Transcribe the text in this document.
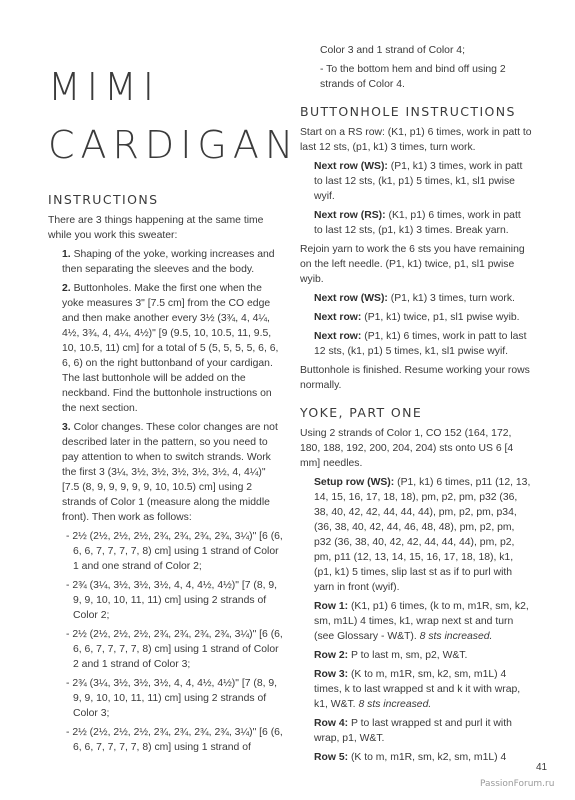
MIMI
CARDIGAN
INSTRUCTIONS

There are 3 things happening at the same time while you work this sweater:

1. Shaping of the yoke, working increases and then separating the sleeves and the body.

2. Buttonholes. Make the first one when the yoke measures 3" [7.5 cm] from the CO edge and then make another every 3½ (3¾, 4, 4¼, 4½, 3¾, 4, 4¼, 4½)" [9 (9.5, 10, 10.5, 11, 9.5, 10, 10.5, 11) cm] for a total of 5 (5, 5, 5, 5, 6, 6, 6, 6) on the right buttonband of your cardigan. The last buttonhole will be added on the neckband. Find the buttonhole instructions on the next section.

3. Color changes. These color changes are not described later in the pattern, so you need to pay attention to when to switch strands. Work the first 3 (3¼, 3½, 3½, 3½, 3½, 3½, 4, 4¼)" [7.5 (8, 9, 9, 9, 9, 9, 10, 10.5) cm] using 2 strands of Color 1 (measure along the middle front). Then work as follows:

- 2½ (2½, 2½, 2½, 2¾, 2¾, 2¾, 2¾, 3¼)" [6 (6, 6, 6, 7, 7, 7, 7, 8) cm] using 1 strand of Color 1 and one strand of Color 2;

- 2¾ (3¼, 3½, 3½, 3½, 4, 4, 4½, 4½)" [7 (8, 9, 9, 9, 10, 10, 11, 11) cm] using 2 strands of Color 2;

- 2½ (2½, 2½, 2½, 2¾, 2¾, 2¾, 2¾, 3¼)" [6 (6, 6, 6, 7, 7, 7, 7, 8) cm] using 1 strand of Color 2 and 1 strand of Color 3;

- 2¾ (3¼, 3½, 3½, 3½, 4, 4, 4½, 4½)" [7 (8, 9, 9, 9, 10, 10, 11, 11) cm] using 2 strands of Color 3;

- 2½ (2½, 2½, 2½, 2¾, 2¾, 2¾, 2¾, 3¼)" [6 (6, 6, 6, 7, 7, 7, 7, 8) cm] using 1 strand of

Color 3 and 1 strand of Color 4;

- To the bottom hem and bind off using 2 strands of Color 4.

BUTTONHOLE INSTRUCTIONS

Start on a RS row: (K1, p1) 6 times, work in patt to last 12 sts, (p1, k1) 3 times, turn work.

Next row (WS): (P1, k1) 3 times, work in patt to last 12 sts, (k1, p1) 5 times, k1, sl1 pwise wyif.

Next row (RS): (K1, p1) 6 times, work in patt to last 12 sts, (p1, k1) 3 times. Break yarn.

Rejoin yarn to work the 6 sts you have remaining on the left needle. (P1, k1) twice, p1, sl1 pwise wyib.

Next row (WS): (P1, k1) 3 times, turn work.

Next row: (P1, k1) twice, p1, sl1 pwise wyib.

Next row: (P1, k1) 6 times, work in patt to last 12 sts, (k1, p1) 5 times, k1, sl1 pwise wyif.

Buttonhole is finished. Resume working your rows normally.

YOKE, PART ONE

Using 2 strands of Color 1, CO 152 (164, 172, 180, 188, 192, 200, 204, 204) sts onto US 6 [4 mm] needles.

Setup row (WS): (P1, k1) 6 times, p11 (12, 13, 14, 15, 16, 17, 18, 18), pm, p2, pm, p32 (36, 38, 40, 42, 42, 44, 44, 44), pm, p2, pm, p34, (36, 38, 40, 42, 44, 46, 48, 48), pm, p2, pm, p32 (36, 38, 40, 42, 42, 44, 44, 44), pm, p2, pm, p11 (12, 13, 14, 15, 16, 17, 18, 18), k1, (p1, k1) 5 times, slip last st as if to purl with yarn in front (wyif).

Row 1: (K1, p1) 6 times, (k to m, m1R, sm, k2, sm, m1L) 4 times, k1, wrap next st and turn (see Glossary - W&T). 8 sts increased.

Row 2: P to last m, sm, p2, W&T.

Row 3: (K to m, m1R, sm, k2, sm, m1L) 4 times, k to last wrapped st and k it with wrap, k1, W&T. 8 sts increased.

Row 4: P to last wrapped st and purl it with wrap, p1, W&T.

Row 5: (K to m, m1R, sm, k2, sm, m1L) 4

41
PassionForum.ru
